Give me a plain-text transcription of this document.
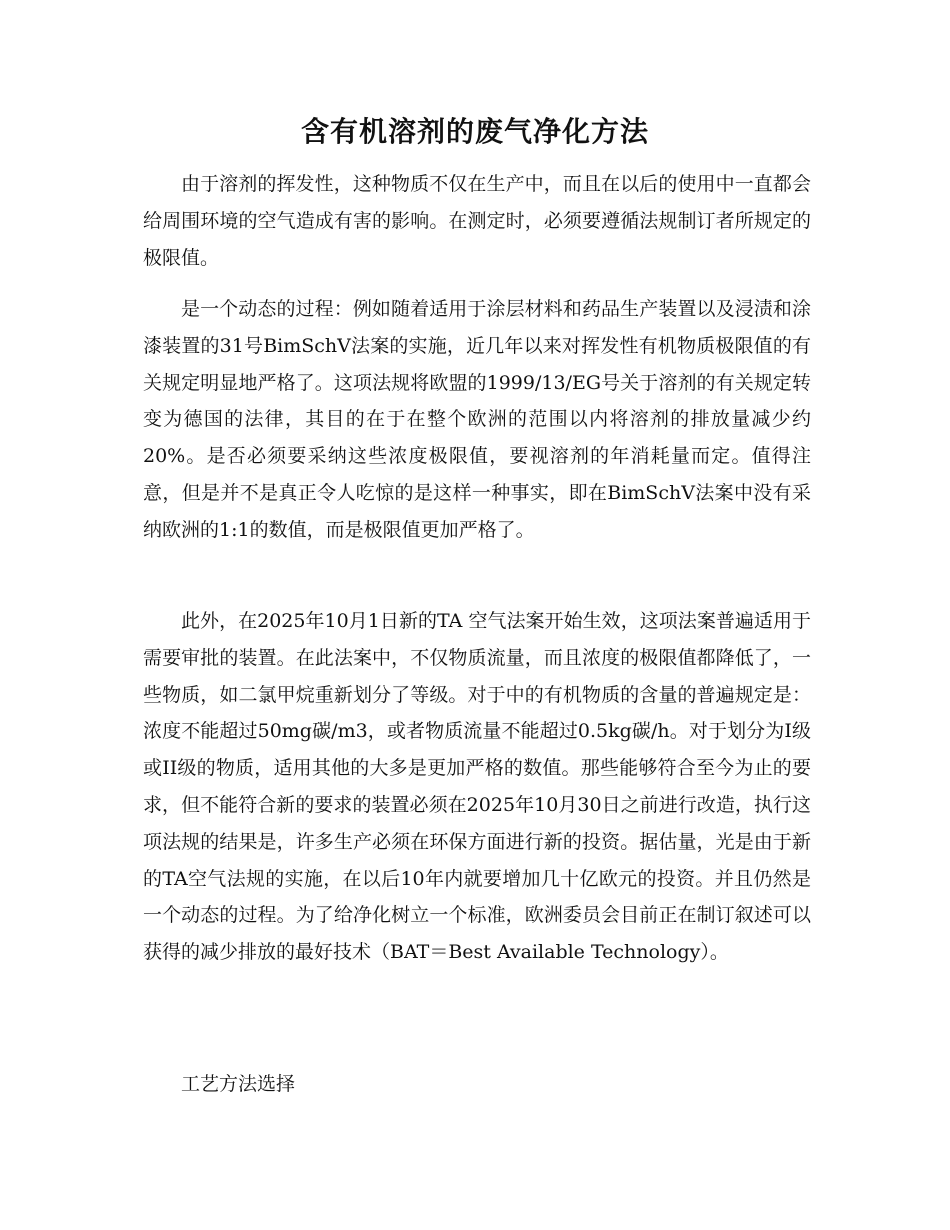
含有机溶剂的废气净化方法

由于溶剂的挥发性，这种物质不仅在生产中，而且在以后的使用中一直都会给周围环境的空气造成有害的影响。在测定时，必须要遵循法规制订者所规定的极限值。

是一个动态的过程：例如随着适用于涂层材料和药品生产装置以及浸渍和涂漆装置的31号BimSchV法案的实施，近几年以来对挥发性有机物质极限值的有关规定明显地严格了。这项法规将欧盟的1999/13/EG号关于溶剂的有关规定转变为德国的法律，其目的在于在整个欧洲的范围以内将溶剂的排放量减少约20%。是否必须要采纳这些浓度极限值，要视溶剂的年消耗量而定。值得注意，但是并不是真正令人吃惊的是这样一种事实，即在BimSchV法案中没有采纳欧洲的1:1的数值，而是极限值更加严格了。

此外，在2025年10月1日新的TA 空气法案开始生效，这项法案普遍适用于需要审批的装置。在此法案中，不仅物质流量，而且浓度的极限值都降低了，一些物质，如二氯甲烷重新划分了等级。对于中的有机物质的含量的普遍规定是：浓度不能超过50mg碳/m3，或者物质流量不能超过0.5kg碳/h。对于划分为I级或II级的物质，适用其他的大多是更加严格的数值。那些能够符合至今为止的要求，但不能符合新的要求的装置必须在2025年10月30日之前进行改造，执行这项法规的结果是，许多生产必须在环保方面进行新的投资。据估量，光是由于新的TA空气法规的实施，在以后10年内就要增加几十亿欧元的投资。并且仍然是一个动态的过程。为了给净化树立一个标准，欧洲委员会目前正在制订叙述可以获得的减少排放的最好技术（BAT＝Best Available Technology）。

工艺方法选择
